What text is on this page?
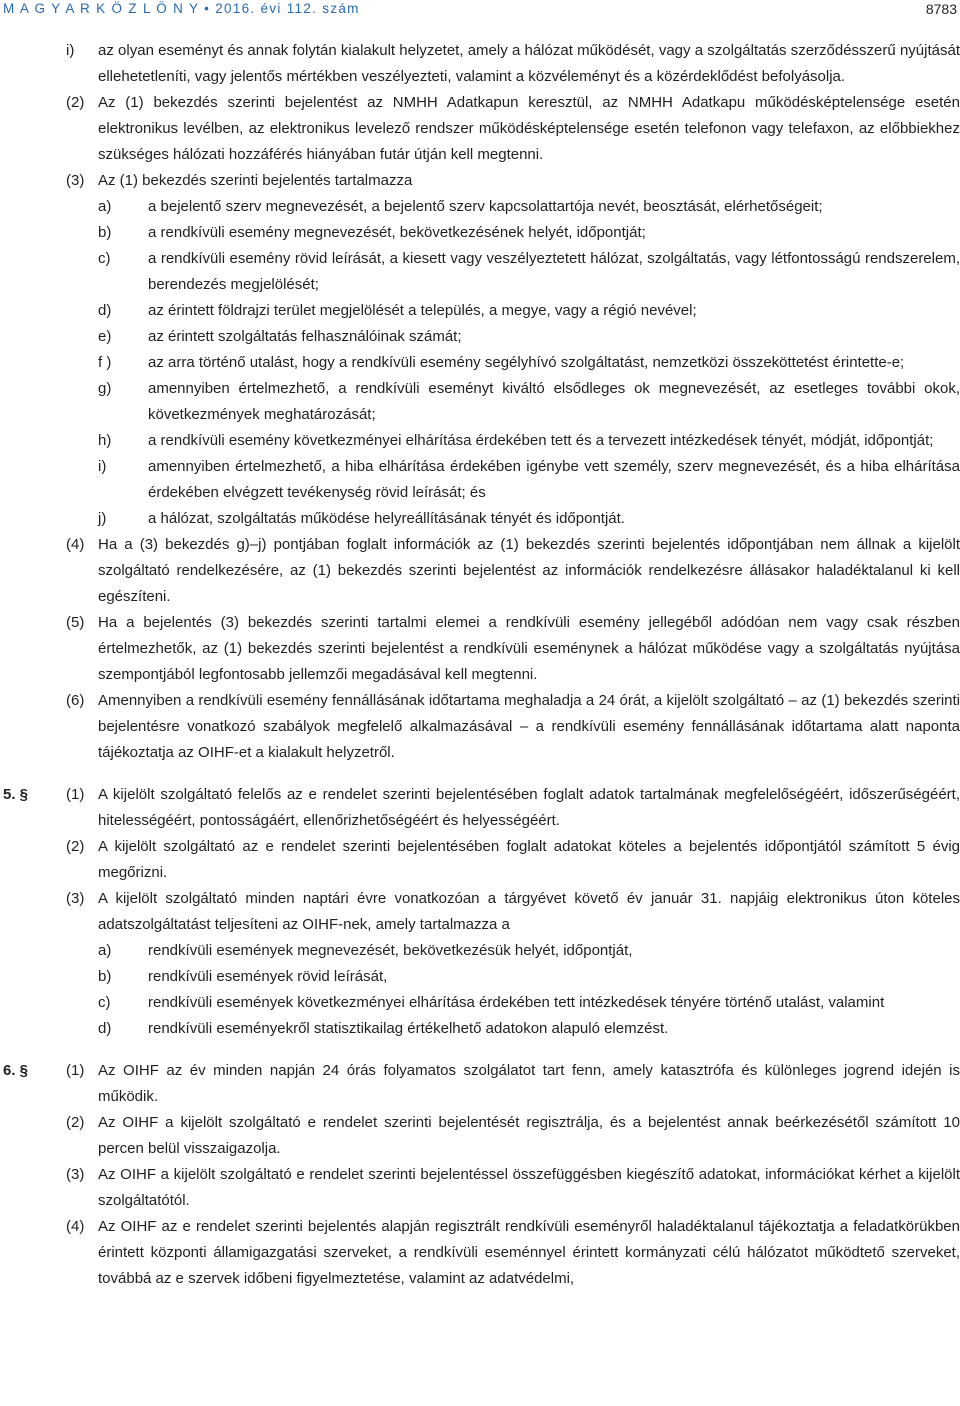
M A G Y A R K Ö Z L Ö N Y • 2016. évi 112. szám	8783
i)	az olyan eseményt és annak folytán kialakult helyzetet, amely a hálózat működését, vagy a szolgáltatás szerződésszerű nyújtását ellehetetleníti, vagy jelentős mértékben veszélyezteti, valamint a közvéleményt és a közérdeklődést befolyásolja.
(2) Az (1) bekezdés szerinti bejelentést az NMHH Adatkapun keresztül, az NMHH Adatkapu működésképtelensége esetén elektronikus levélben, az elektronikus levelező rendszer működésképtelensége esetén telefonon vagy telefaxon, az előbbiekhez szükséges hálózati hozzáférés hiányában futár útján kell megtenni.
(3) Az (1) bekezdés szerinti bejelentés tartalmazza
a)	a bejelentő szerv megnevezését, a bejelentő szerv kapcsolattartója nevét, beosztását, elérhetőségeit;
b)	a rendkívüli esemény megnevezését, bekövetkezésének helyét, időpontját;
c)	a rendkívüli esemény rövid leírását, a kiesett vagy veszélyeztetett hálózat, szolgáltatás, vagy létfontosságú rendszerelem, berendezés megjelölését;
d)	az érintett földrajzi terület megjelölését a település, a megye, vagy a régió nevével;
e)	az érintett szolgáltatás felhasználóinak számát;
f )	az arra történő utalást, hogy a rendkívüli esemény segélyhívó szolgáltatást, nemzetközi összeköttetést érintette-e;
g)	amennyiben értelmezhető, a rendkívüli eseményt kiváltó elsődleges ok megnevezését, az esetleges további okok, következmények meghatározását;
h)	a rendkívüli esemény következményei elhárítása érdekében tett és a tervezett intézkedések tényét, módját, időpontját;
i)	amennyiben értelmezhető, a hiba elhárítása érdekében igénybe vett személy, szerv megnevezését, és a hiba elhárítása érdekében elvégzett tevékenység rövid leírását; és
j)	a hálózat, szolgáltatás működése helyreállításának tényét és időpontját.
(4) Ha a (3) bekezdés g)–j) pontjában foglalt információk az (1) bekezdés szerinti bejelentés időpontjában nem állnak a kijelölt szolgáltató rendelkezésére, az (1) bekezdés szerinti bejelentést az információk rendelkezésre állásakor haladéktalanul ki kell egészíteni.
(5) Ha a bejelentés (3) bekezdés szerinti tartalmi elemei a rendkívüli esemény jellegéből adódóan nem vagy csak részben értelmezhetők, az (1) bekezdés szerinti bejelentést a rendkívüli eseménynek a hálózat működése vagy a szolgáltatás nyújtása szempontjából legfontosabb jellemzői megadásával kell megtenni.
(6) Amennyiben a rendkívüli esemény fennállásának időtartama meghaladja a 24 órát, a kijelölt szolgáltató – az (1) bekezdés szerinti bejelentésre vonatkozó szabályok megfelelő alkalmazásával – a rendkívüli esemény fennállásának időtartama alatt naponta tájékoztatja az OIHF-et a kialakult helyzetről.
5. §	(1) A kijelölt szolgáltató felelős az e rendelet szerinti bejelentésében foglalt adatok tartalmának megfelelőségéért, időszerűségéért, hitelességéért, pontosságáért, ellenőrizhetőségéért és helyességéért.
(2) A kijelölt szolgáltató az e rendelet szerinti bejelentésében foglalt adatokat köteles a bejelentés időpontjától számított 5 évig megőrizni.
(3) A kijelölt szolgáltató minden naptári évre vonatkozóan a tárgyévet követő év január 31. napjáig elektronikus úton köteles adatszolgáltatást teljesíteni az OIHF-nek, amely tartalmazza a
a)	rendkívüli események megnevezését, bekövetkezésük helyét, időpontját,
b)	rendkívüli események rövid leírását,
c)	rendkívüli események következményei elhárítása érdekében tett intézkedések tényére történő utalást, valamint
d)	rendkívüli eseményekről statisztikailag értékelhető adatokon alapuló elemzést.
6. §	(1) Az OIHF az év minden napján 24 órás folyamatos szolgálatot tart fenn, amely katasztrófa és különleges jogrend idején is működik.
(2) Az OIHF a kijelölt szolgáltató e rendelet szerinti bejelentését regisztrálja, és a bejelentést annak beérkezésétől számított 10 percen belül visszaigazolja.
(3) Az OIHF a kijelölt szolgáltató e rendelet szerinti bejelentéssel összefüggésben kiegészítő adatokat, információkat kérhet a kijelölt szolgáltatótól.
(4) Az OIHF az e rendelet szerinti bejelentés alapján regisztrált rendkívüli eseményről haladéktalanul tájékoztatja a feladatkörükben érintett központi államigazgatási szerveket, a rendkívüli eseménnyel érintett kormányzati célú hálózatot működtető szerveket, továbbá az e szervek időbeni figyelmeztetése, valamint az adatvédelmi,
